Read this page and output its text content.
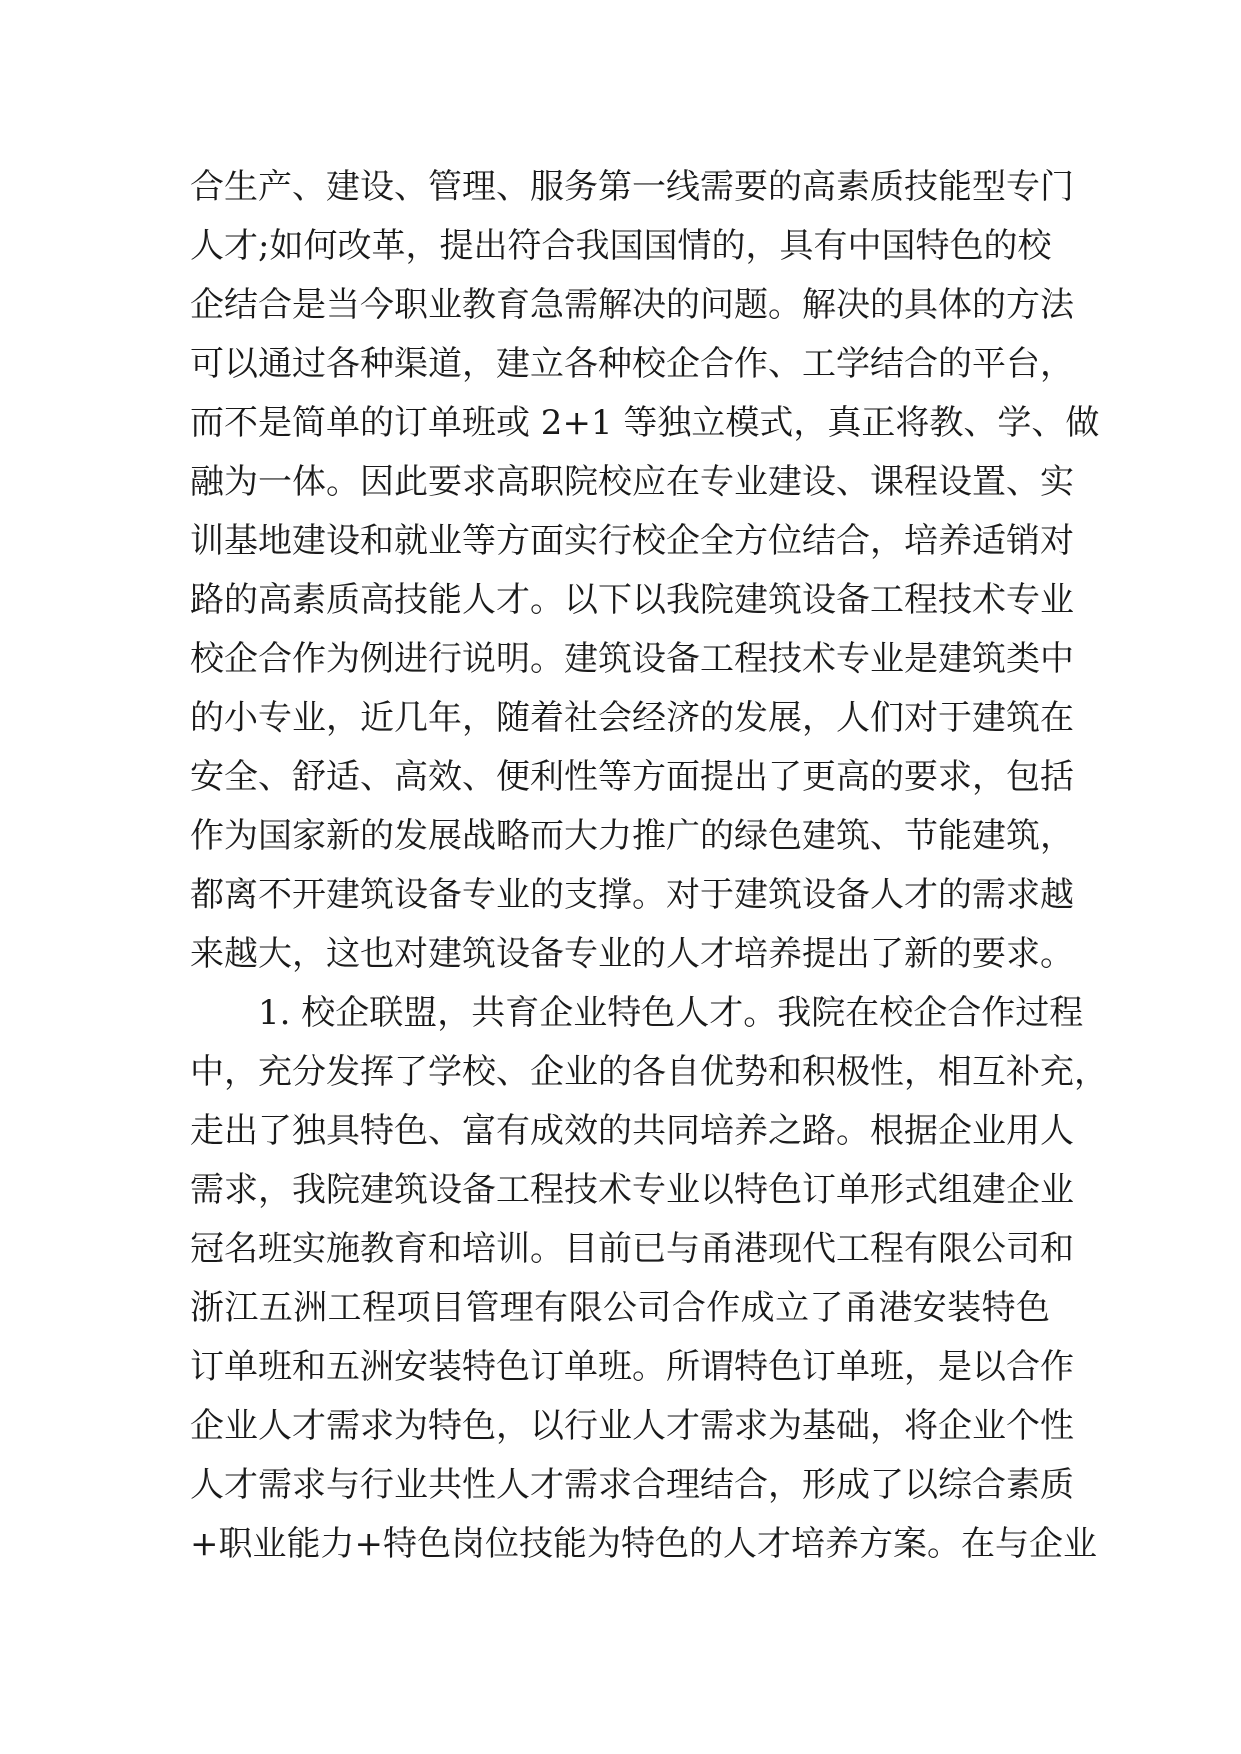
合生产、建设、管理、服务第一线需要的高素质技能型专门
人才;如何改革，提出符合我国国情的，具有中国特色的校
企结合是当今职业教育急需解决的问题。解决的具体的方法
可以通过各种渠道，建立各种校企合作、工学结合的平台，
而不是简单的订单班或 2+1 等独立模式，真正将教、学、做
融为一体。因此要求高职院校应在专业建设、课程设置、实
训基地建设和就业等方面实行校企全方位结合，培养适销对
路的高素质高技能人才。以下以我院建筑设备工程技术专业
校企合作为例进行说明。建筑设备工程技术专业是建筑类中
的小专业，近几年，随着社会经济的发展，人们对于建筑在
安全、舒适、高效、便利性等方面提出了更高的要求，包括
作为国家新的发展战略而大力推广的绿色建筑、节能建筑，
都离不开建筑设备专业的支撑。对于建筑设备人才的需求越
来越大，这也对建筑设备专业的人才培养提出了新的要求。
1. 校企联盟，共育企业特色人才。我院在校企合作过程
中，充分发挥了学校、企业的各自优势和积极性，相互补充，
走出了独具特色、富有成效的共同培养之路。根据企业用人
需求，我院建筑设备工程技术专业以特色订单形式组建企业
冠名班实施教育和培训。目前已与甬港现代工程有限公司和
浙江五洲工程项目管理有限公司合作成立了甬港安装特色
订单班和五洲安装特色订单班。所谓特色订单班，是以合作
企业人才需求为特色，以行业人才需求为基础，将企业个性
人才需求与行业共性人才需求合理结合，形成了以综合素质
+职业能力+特色岗位技能为特色的人才培养方案。在与企业
